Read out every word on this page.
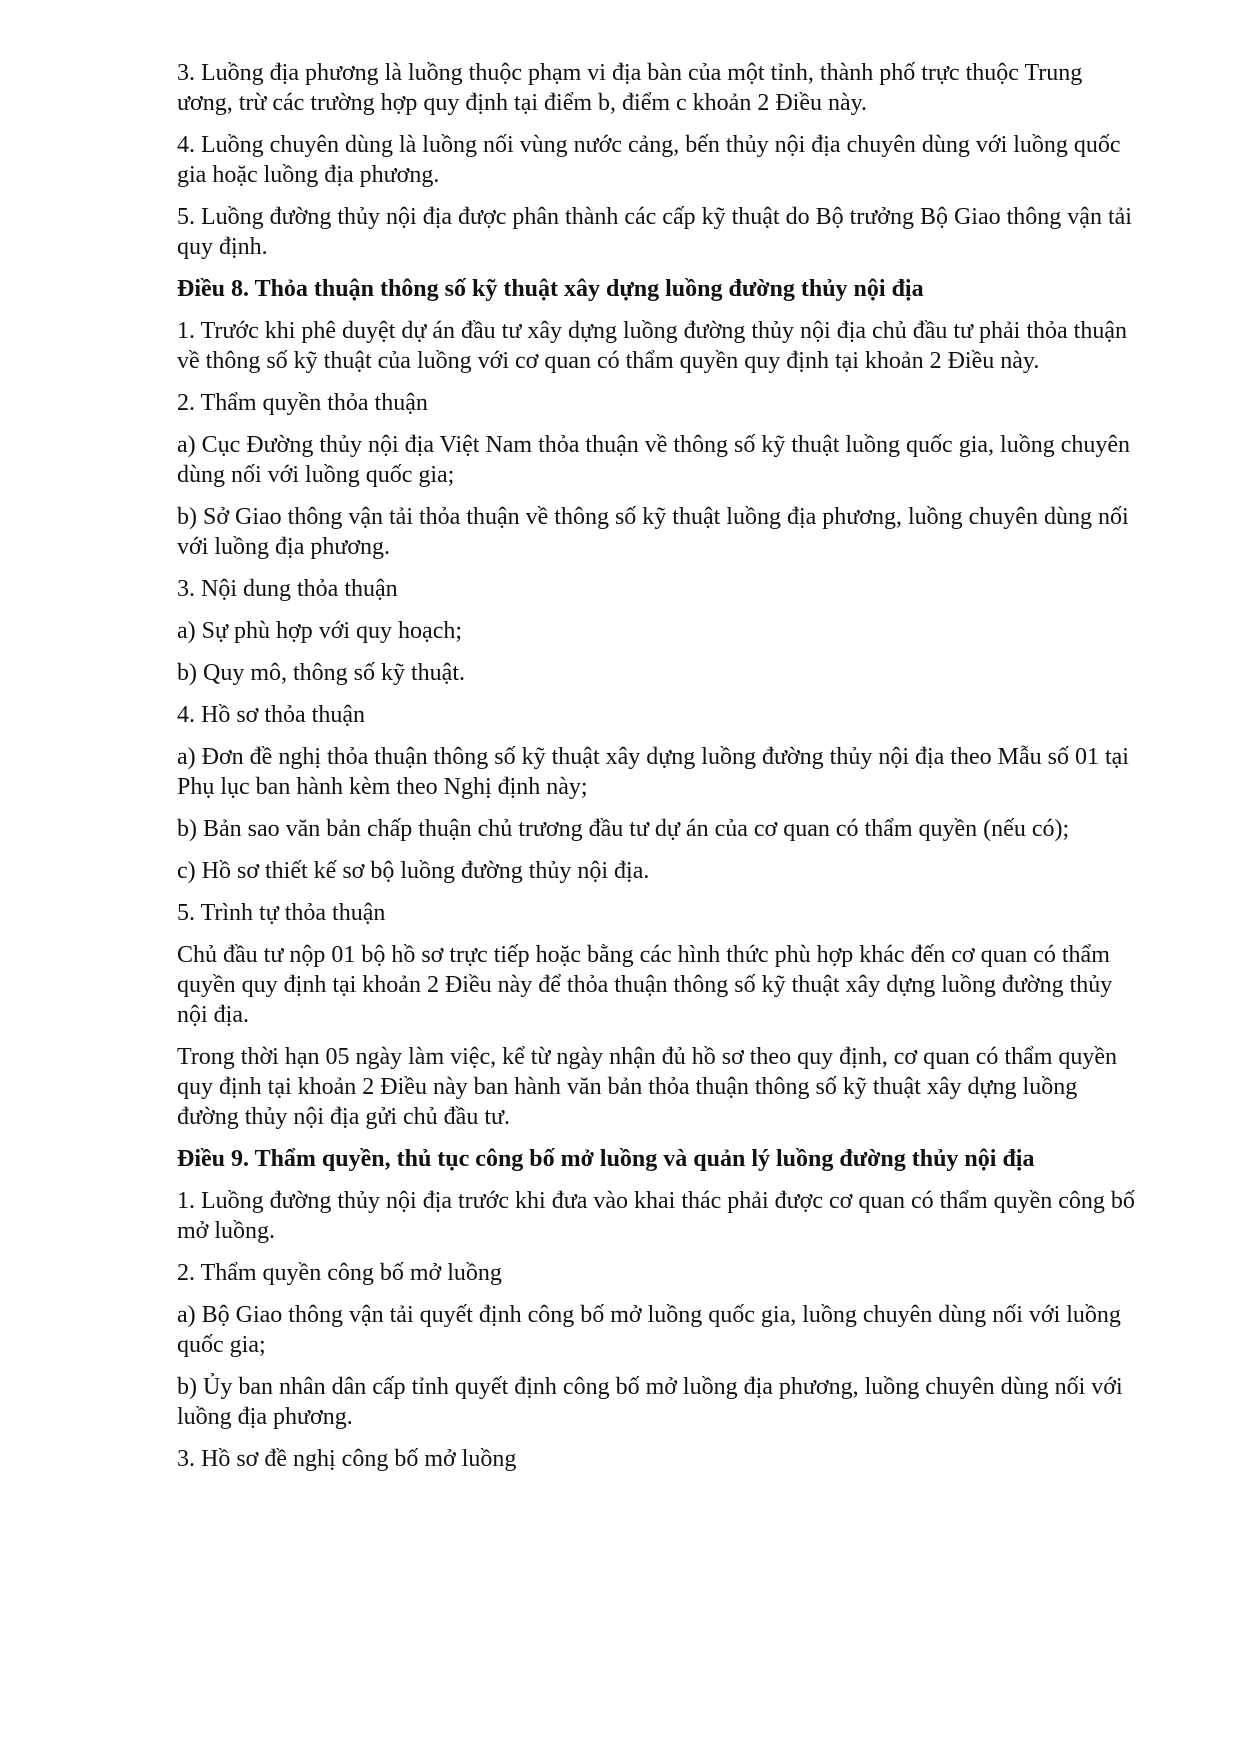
3. Luồng địa phương là luồng thuộc phạm vi địa bàn của một tỉnh, thành phố trực thuộc Trung ương, trừ các trường hợp quy định tại điểm b, điểm c khoản 2 Điều này.

4. Luồng chuyên dùng là luồng nối vùng nước cảng, bến thủy nội địa chuyên dùng với luồng quốc gia hoặc luồng địa phương.

5. Luồng đường thủy nội địa được phân thành các cấp kỹ thuật do Bộ trưởng Bộ Giao thông vận tải quy định.

Điều 8. Thỏa thuận thông số kỹ thuật xây dựng luồng đường thủy nội địa

1. Trước khi phê duyệt dự án đầu tư xây dựng luồng đường thủy nội địa chủ đầu tư phải thỏa thuận về thông số kỹ thuật của luồng với cơ quan có thẩm quyền quy định tại khoản 2 Điều này.

2. Thẩm quyền thỏa thuận

a) Cục Đường thủy nội địa Việt Nam thỏa thuận về thông số kỹ thuật luồng quốc gia, luồng chuyên dùng nối với luồng quốc gia;

b) Sở Giao thông vận tải thỏa thuận về thông số kỹ thuật luồng địa phương, luồng chuyên dùng nối với luồng địa phương.

3. Nội dung thỏa thuận

a) Sự phù hợp với quy hoạch;

b) Quy mô, thông số kỹ thuật.

4. Hồ sơ thỏa thuận

a) Đơn đề nghị thỏa thuận thông số kỹ thuật xây dựng luồng đường thủy nội địa theo Mẫu số 01 tại Phụ lục ban hành kèm theo Nghị định này;

b) Bản sao văn bản chấp thuận chủ trương đầu tư dự án của cơ quan có thẩm quyền (nếu có);

c) Hồ sơ thiết kế sơ bộ luồng đường thủy nội địa.

5. Trình tự thỏa thuận

Chủ đầu tư nộp 01 bộ hồ sơ trực tiếp hoặc bằng các hình thức phù hợp khác đến cơ quan có thẩm quyền quy định tại khoản 2 Điều này để thỏa thuận thông số kỹ thuật xây dựng luồng đường thủy nội địa.

Trong thời hạn 05 ngày làm việc, kể từ ngày nhận đủ hồ sơ theo quy định, cơ quan có thẩm quyền quy định tại khoản 2 Điều này ban hành văn bản thỏa thuận thông số kỹ thuật xây dựng luồng đường thủy nội địa gửi chủ đầu tư.

Điều 9. Thẩm quyền, thủ tục công bố mở luồng và quản lý luồng đường thủy nội địa

1. Luồng đường thủy nội địa trước khi đưa vào khai thác phải được cơ quan có thẩm quyền công bố mở luồng.

2. Thẩm quyền công bố mở luồng

a) Bộ Giao thông vận tải quyết định công bố mở luồng quốc gia, luồng chuyên dùng nối với luồng quốc gia;

b) Ủy ban nhân dân cấp tỉnh quyết định công bố mở luồng địa phương, luồng chuyên dùng nối với luồng địa phương.

3. Hồ sơ đề nghị công bố mở luồng
